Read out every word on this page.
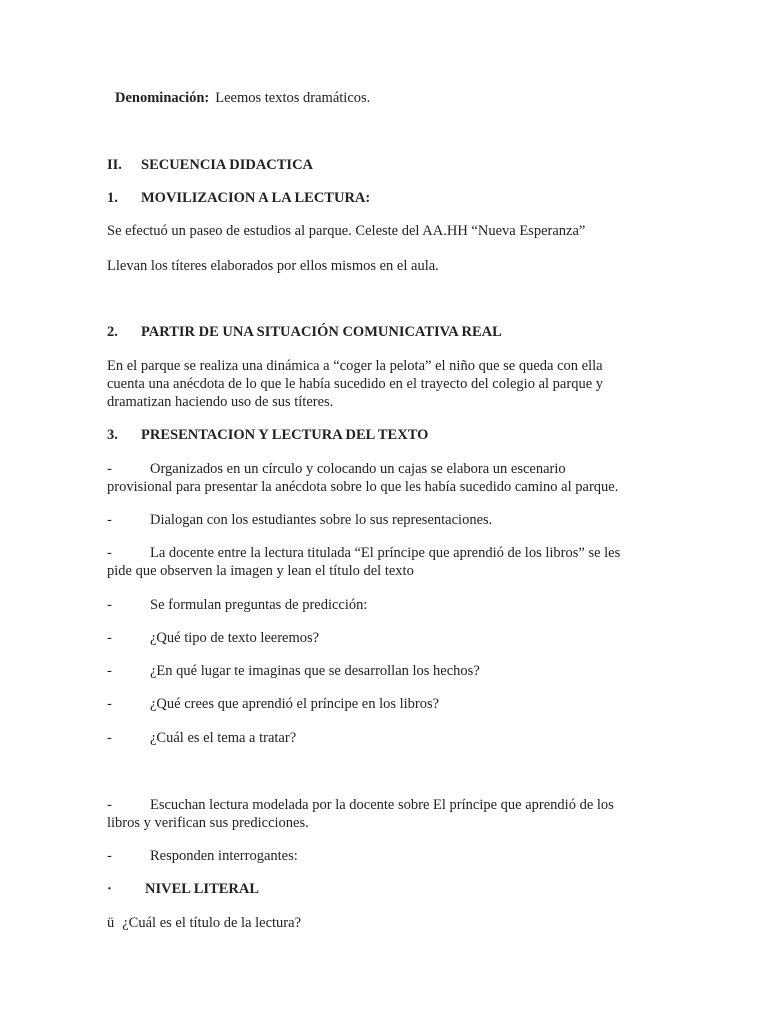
Denominación: Leemos textos dramáticos.
II. SECUENCIA DIDACTICA
1. MOVILIZACION A LA LECTURA:
Se efectuó un paseo de estudios al parque. Celeste del AA.HH “Nueva Esperanza”
Llevan los títeres elaborados por ellos mismos en el aula.
2. PARTIR DE UNA SITUACIÓN COMUNICATIVA REAL
En el parque se realiza una dinámica a “coger la pelota” el niño que se queda con ella
cuenta una anécdota de lo que le había sucedido en el trayecto del colegio al parque y
dramatizan haciendo uso de sus títeres.
3. PRESENTACION Y LECTURA DEL TEXTO
-	Organizados en un círculo y colocando un cajas se elabora un escenario
provisional para presentar la anécdota sobre lo que les había sucedido camino al parque.
-	Dialogan con los estudiantes sobre lo sus representaciones.
-	La docente entre la lectura titulada “El príncipe que aprendió de los libros” se les
pide que observen la imagen y lean el título del texto
-	Se formulan preguntas de predicción:
-	¿Qué tipo de texto leeremos?
-	¿En qué lugar te imaginas que se desarrollan los hechos?
-	¿Qué crees que aprendió el príncipe en los libros?
-	¿Cuál es el tema a tratar?
-	Escuchan lectura modelada por la docente sobre El príncipe que aprendió de los
libros y verifican sus predicciones.
-	Responden interrogantes:
· NIVEL LITERAL
ü ¿Cuál es el título de la lectura?
